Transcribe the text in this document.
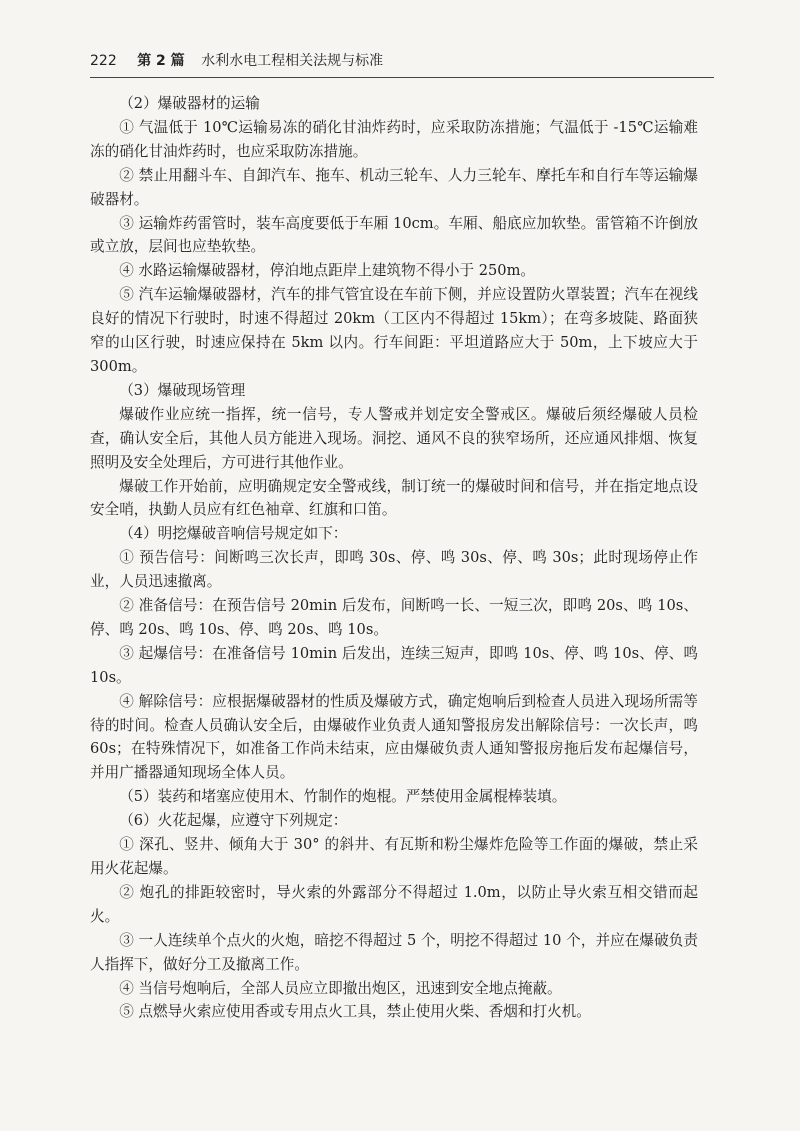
222 第 2 篇 水利水电工程相关法规与标准

（2）爆破器材的运输

① 气温低于 10℃运输易冻的硝化甘油炸药时，应采取防冻措施；气温低于 -15℃运输难冻的硝化甘油炸药时，也应采取防冻措施。

② 禁止用翻斗车、自卸汽车、拖车、机动三轮车、人力三轮车、摩托车和自行车等运输爆破器材。

③ 运输炸药雷管时，装车高度要低于车厢 10cm。车厢、船底应加软垫。雷管箱不许倒放或立放，层间也应垫软垫。

④ 水路运输爆破器材，停泊地点距岸上建筑物不得小于 250m。

⑤ 汽车运输爆破器材，汽车的排气管宜设在车前下侧，并应设置防火罩装置；汽车在视线良好的情况下行驶时，时速不得超过 20km（工区内不得超过 15km）；在弯多坡陡、路面狭窄的山区行驶，时速应保持在 5km 以内。行车间距：平坦道路应大于 50m，上下坡应大于 300m。

（3）爆破现场管理

爆破作业应统一指挥，统一信号，专人警戒并划定安全警戒区。爆破后须经爆破人员检查，确认安全后，其他人员方能进入现场。洞挖、通风不良的狭窄场所，还应通风排烟、恢复照明及安全处理后，方可进行其他作业。

爆破工作开始前，应明确规定安全警戒线，制订统一的爆破时间和信号，并在指定地点设安全哨，执勤人员应有红色袖章、红旗和口笛。

（4）明挖爆破音响信号规定如下：

① 预告信号：间断鸣三次长声，即鸣 30s、停、鸣 30s、停、鸣 30s；此时现场停止作业，人员迅速撤离。

② 准备信号：在预告信号 20min 后发布，间断鸣一长、一短三次，即鸣 20s、鸣 10s、停、鸣 20s、鸣 10s、停、鸣 20s、鸣 10s。

③ 起爆信号：在准备信号 10min 后发出，连续三短声，即鸣 10s、停、鸣 10s、停、鸣 10s。

④ 解除信号：应根据爆破器材的性质及爆破方式，确定炮响后到检查人员进入现场所需等待的时间。检查人员确认安全后，由爆破作业负责人通知警报房发出解除信号：一次长声，鸣 60s；在特殊情况下，如准备工作尚未结束，应由爆破负责人通知警报房拖后发布起爆信号，并用广播器通知现场全体人员。

（5）装药和堵塞应使用木、竹制作的炮棍。严禁使用金属棍棒装填。

（6）火花起爆，应遵守下列规定：

① 深孔、竖井、倾角大于 30° 的斜井、有瓦斯和粉尘爆炸危险等工作面的爆破，禁止采用火花起爆。

② 炮孔的排距较密时，导火索的外露部分不得超过 1.0m，以防止导火索互相交错而起火。

③ 一人连续单个点火的火炮，暗挖不得超过 5 个，明挖不得超过 10 个，并应在爆破负责人指挥下，做好分工及撤离工作。

④ 当信号炮响后，全部人员应立即撤出炮区，迅速到安全地点掩蔽。

⑤ 点燃导火索应使用香或专用点火工具，禁止使用火柴、香烟和打火机。
